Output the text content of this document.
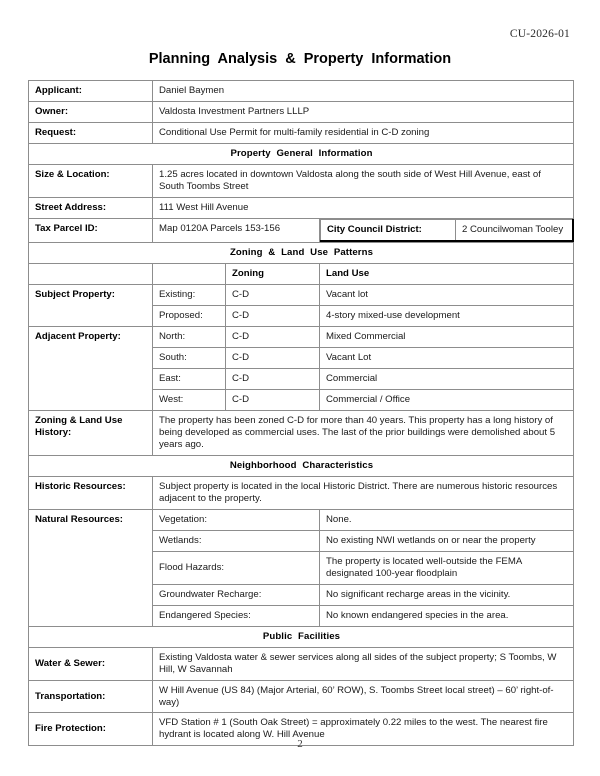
CU-2026-01
Planning Analysis & Property Information
Applicant:	Daniel Baymen
Owner:	Valdosta Investment Partners LLLP
Request:	Conditional Use Permit for multi-family residential in C-D zoning
Property General Information
Size & Location:	1.25 acres located in downtown Valdosta along the south side of West Hill Avenue, east of South Toombs Street
Street Address:	111 West Hill Avenue
Tax Parcel ID:	Map 0120A Parcels 153-156		City Council District:	2 Councilwoman Tooley

Zoning & Land Use Patterns
		Zoning	Land Use
Subject Property:	Existing:	C-D	Vacant lot
Proposed:	C-D	4-story mixed-use development
Adjacent Property:	North:	C-D	Mixed Commercial
South:	C-D	Vacant Lot
East:	C-D	Commercial
West:	C-D	Commercial / Office
Zoning & Land Use History:	The property has been zoned C-D for more than 40 years. This property has a long history of being developed as commercial uses. The last of the prior buildings were demolished about 5 years ago.
Neighborhood Characteristics
Historic Resources:	Subject property is located in the local Historic District. There are numerous historic resources adjacent to the property.
Natural Resources:	Vegetation:	None.
Wetlands:	No existing NWI wetlands on or near the property
Flood Hazards:	The property is located well-outside the FEMA designated 100-year floodplain
Groundwater Recharge:	No significant recharge areas in the vicinity.
Endangered Species:	No known endangered species in the area.
Public Facilities
Water & Sewer:	Existing Valdosta water & sewer services along all sides of the subject property; S Toombs, W Hill, W Savannah
Transportation:	W Hill Avenue (US 84) (Major Arterial, 60’ ROW), S. Toombs Street local street) – 60’ right-of-way)
Fire Protection:	VFD Station # 1 (South Oak Street) = approximately 0.22 miles to the west. The nearest fire hydrant is located along W. Hill Avenue
2
